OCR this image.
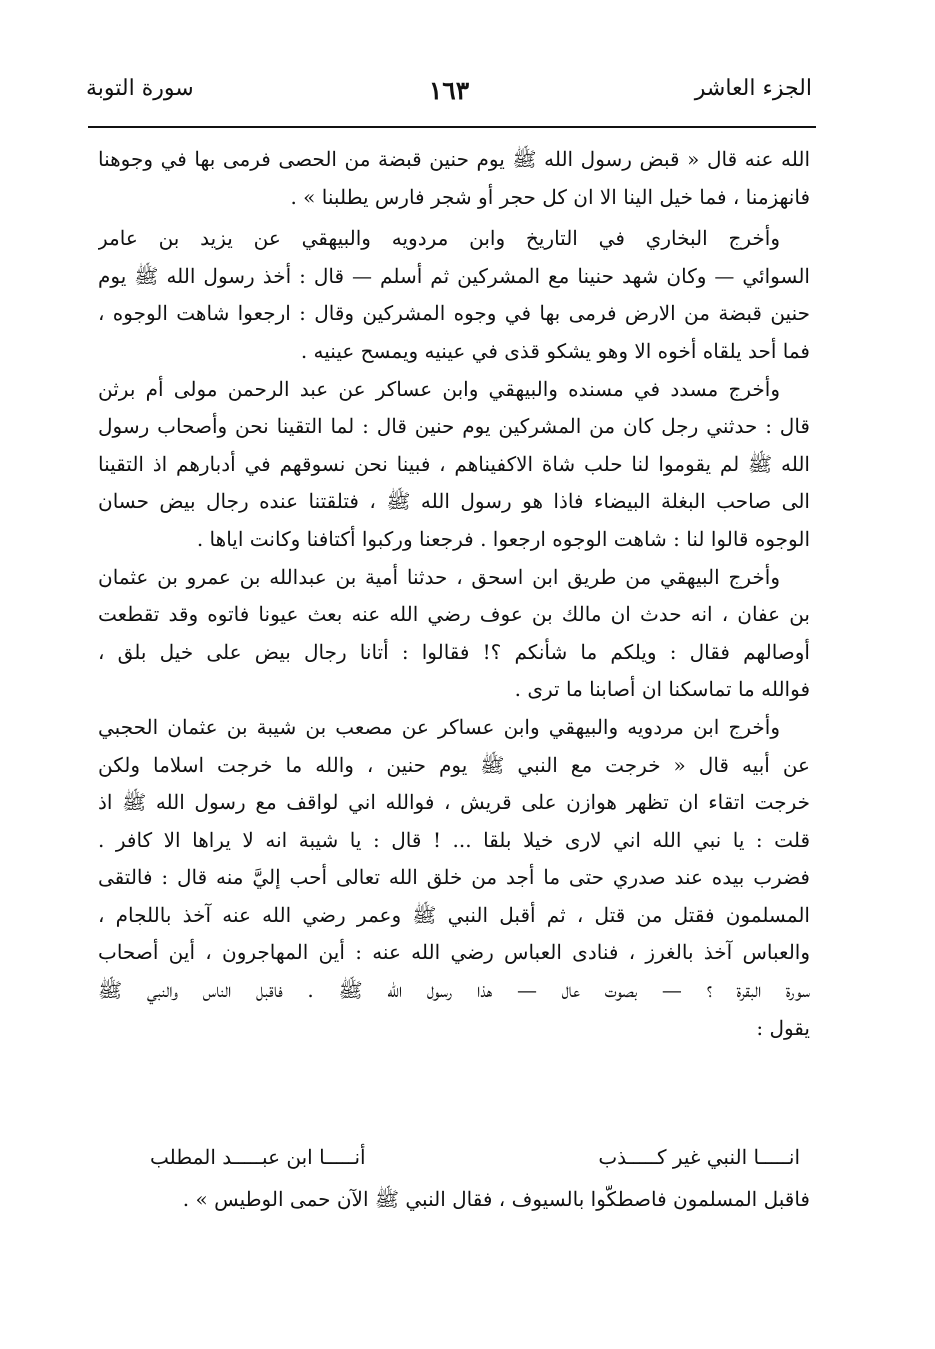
الجزء العاشر
١٦٣
سورة التوبة
الله عنه قال « قبض رسول الله ﷺ يوم حنين قبضة من الحصى فرمى بها في وجوهنا
فانهزمنا ، فما خيل الينا الا ان كل حجر أو شجر فارس يطلبنا » .
وأخرج البخاري في التاريخ وابن مردويه والبيهقي عن يزيد بن عامر
السوائي — وكان شهد حنينا مع المشركين ثم أسلم — قال : أخذ رسول الله ﷺ يوم
حنين قبضة من الارض فرمى بها في وجوه المشركين وقال : ارجعوا شاهت الوجوه ،
فما أحد يلقاه أخوه الا وهو يشكو قذى في عينيه ويمسح عينيه .
وأخرج مسدد في مسنده والبيهقي وابن عساكر عن عبد الرحمن مولى أم برثن
قال : حدثني رجل كان من المشركين يوم حنين قال : لما التقينا نحن وأصحاب رسول
الله ﷺ لم يقوموا لنا حلب شاة الاكفيناهم ، فبينا نحن نسوقهم في أدبارهم اذ التقينا
الى صاحب البغلة البيضاء فاذا هو رسول الله ﷺ ، فتلقتنا عنده رجال بيض حسان
الوجوه قالوا لنا : شاهت الوجوه ارجعوا . فرجعنا وركبوا أكتافنا وكانت اياها .
وأخرج البيهقي من طريق ابن اسحق ، حدثنا أمية بن عبدالله بن عمرو بن عثمان
بن عفان ، انه حدث ان مالك بن عوف رضي الله عنه بعث عيونا فاتوه وقد تقطعت
أوصالهم فقال : ويلكم ما شأنكم ؟! فقالوا : أتانا رجال بيض على خيل بلق ،
فوالله ما تماسكنا ان أصابنا ما ترى .
وأخرج ابن مردويه والبيهقي وابن عساكر عن مصعب بن شيبة بن عثمان الحجبي
عن أبيه قال « خرجت مع النبي ﷺ يوم حنين ، والله ما خرجت اسلاما ولكن
خرجت اتقاء ان تظهر هوازن على قريش ، فوالله اني لواقف مع رسول الله ﷺ اذ
قلت : يا نبي الله اني لارى خيلا بلقا ... ! قال : يا شيبة انه لا يراها الا كافر .
فضرب بيده عند صدري حتى ما أجد من خلق الله تعالى أحب إليَّ منه قال : فالتقى
المسلمون فقتل من قتل ، ثم أقبل النبي ﷺ وعمر رضي الله عنه آخذ باللجام ،
والعباس آخذ بالغرز ، فنادى العباس رضي الله عنه : أين المهاجرون ، أين أصحاب
سورة البقرة ؟ — بصوت عال — هذا رسول الله ﷺ . فاقبل الناس والنبي ﷺ
يقول :
انـــــا النبي غير كـــــذب
أنـــــا ابن عبـــــد المطلب
فاقبل المسلمون فاصطكّوا بالسيوف ، فقال النبي ﷺ الآن حمى الوطيس » .
